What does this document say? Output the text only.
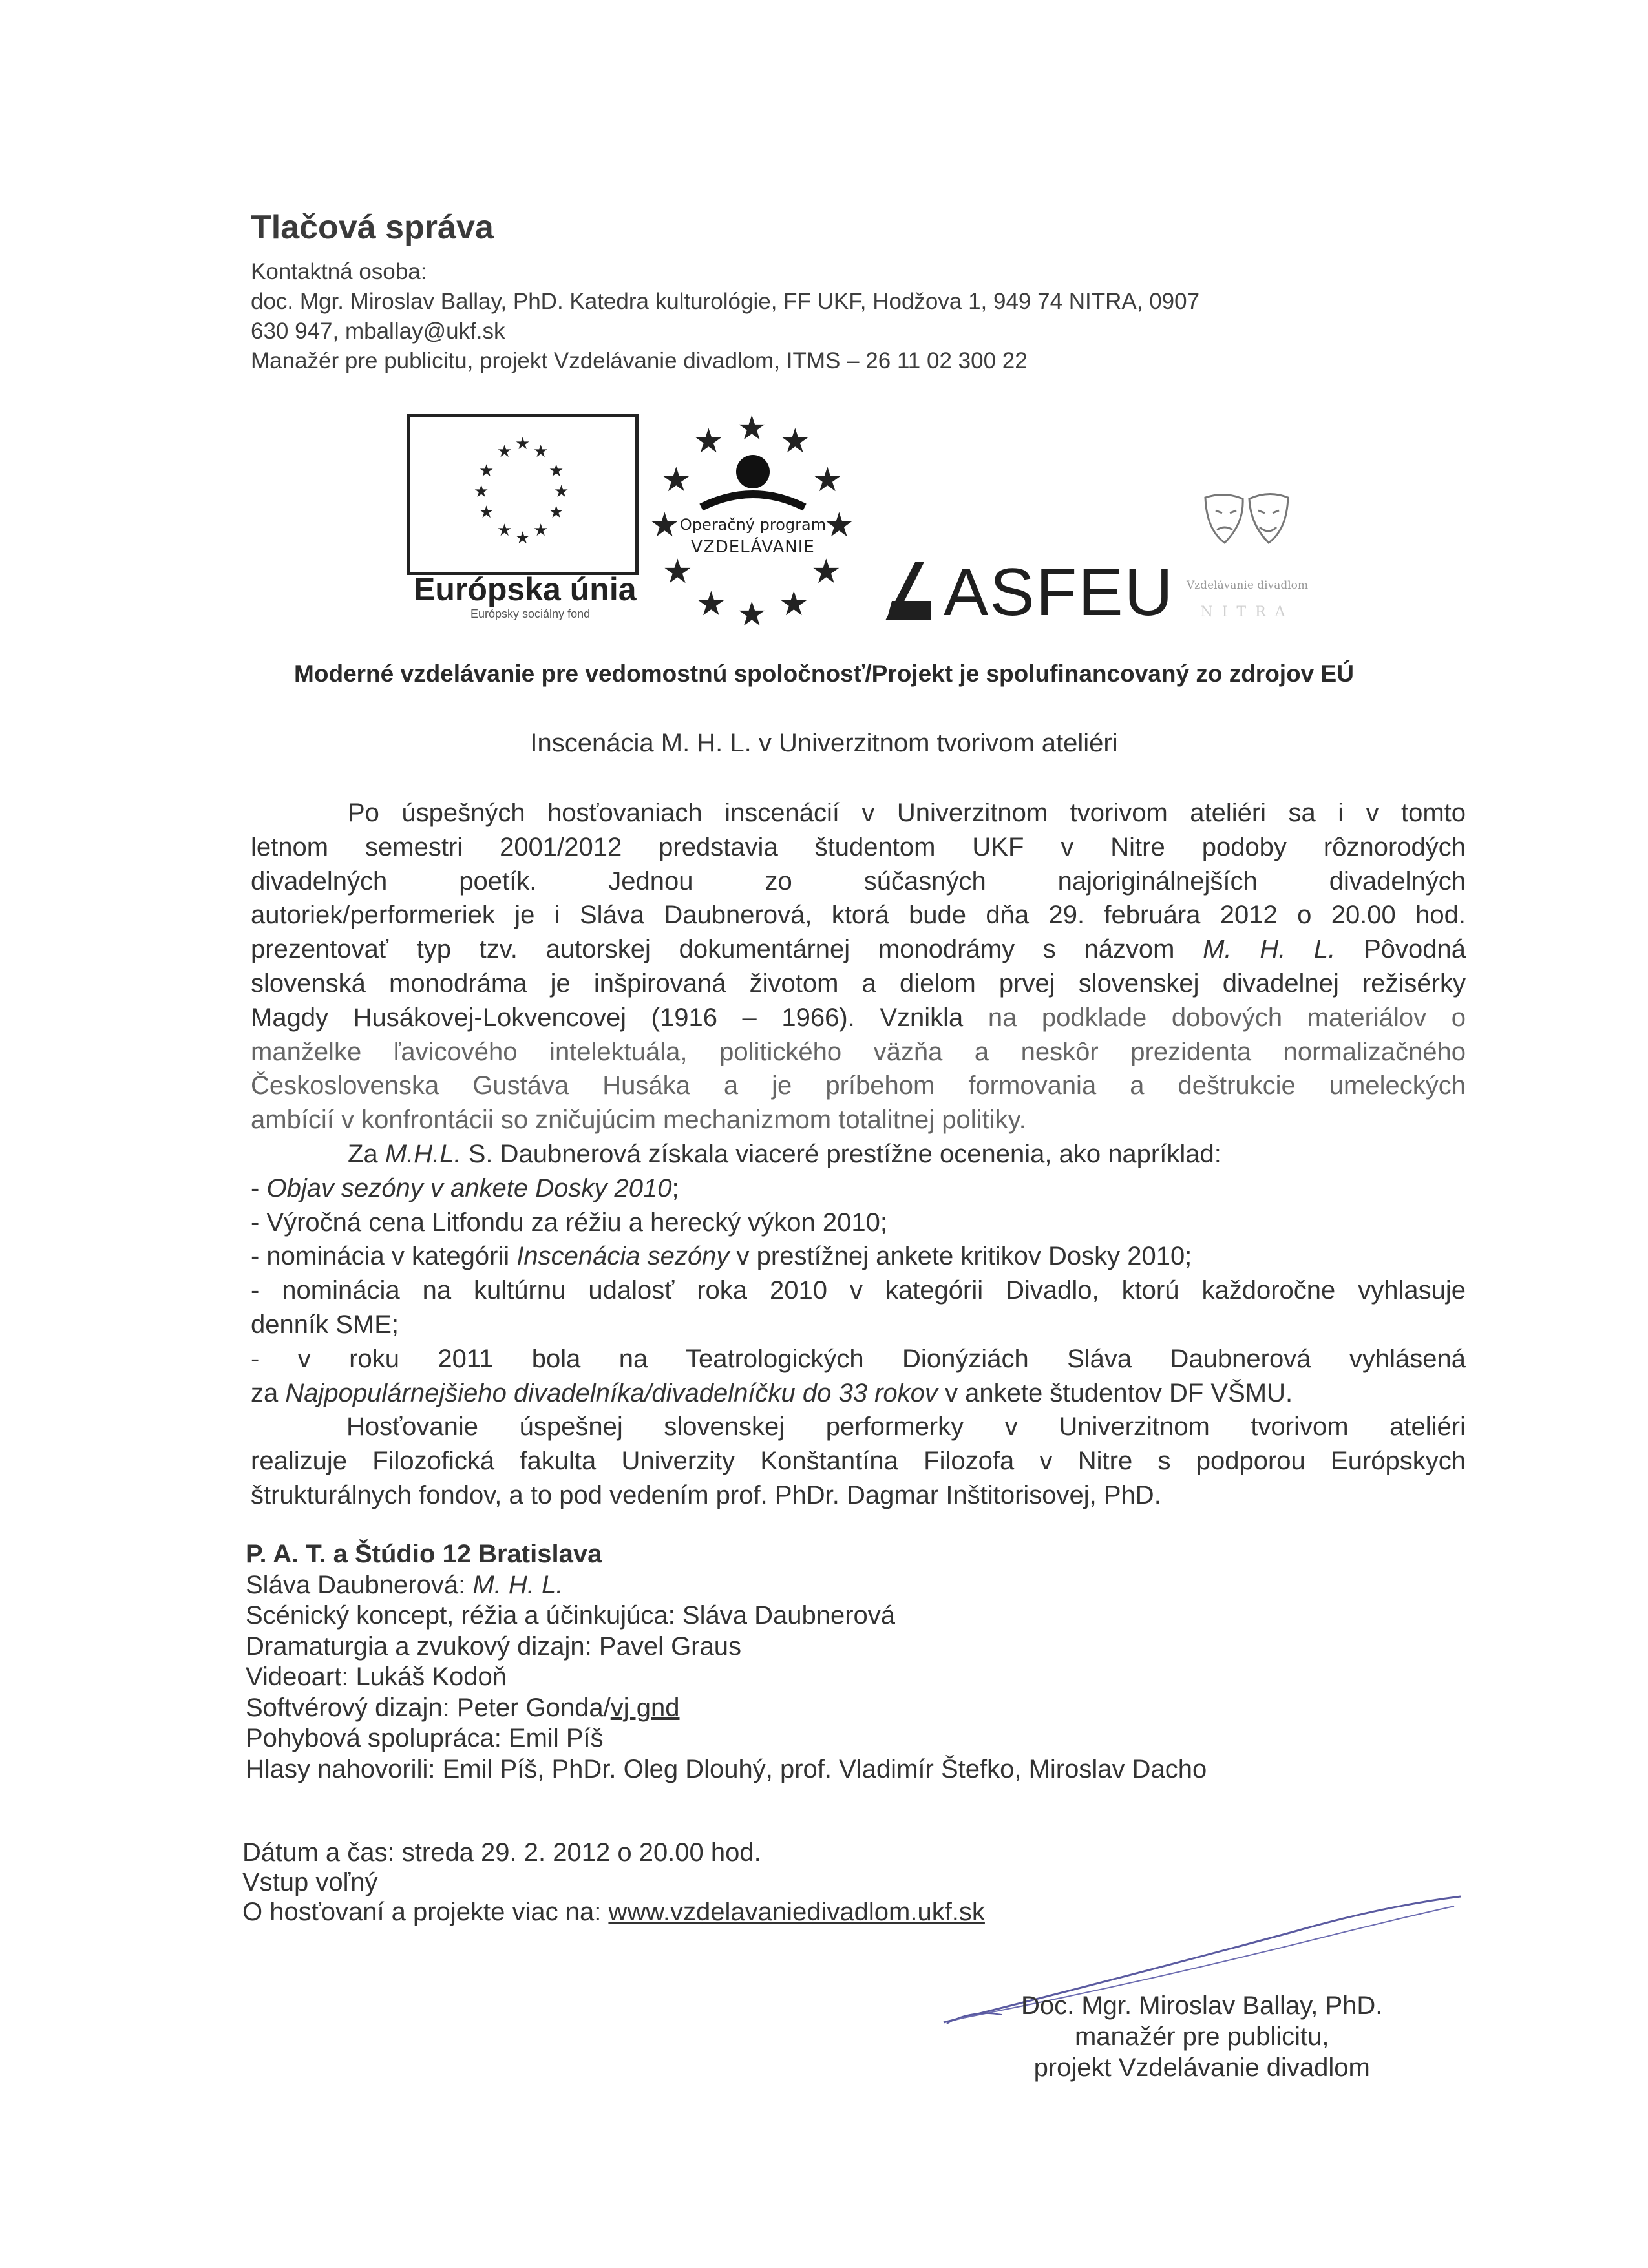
Tlačová správa
Kontaktná osoba:
doc. Mgr. Miroslav Ballay, PhD. Katedra kulturológie, FF UKF, Hodžova 1, 949 74 NITRA, 0907
630 947, mballay@ukf.sk
Manažér pre publicitu, projekt Vzdelávanie divadlom, ITMS – 26 11 02 300 22
★ ★ ★
★	★
★	★
★	★
★ ★ ★
Európska únia
Európsky sociálny fond
★ ★ ★
★	★
★	★
★	★
★ ★ ★
Operačný program
VZDELÁVANIE
ASFEU	Vzdelávanie divadlom
NITRA
Moderné vzdelávanie pre vedomostnú spoločnosť/Projekt je spolufinancovaný zo zdrojov EÚ
Inscenácia M. H. L. v Univerzitnom tvorivom ateliéri
Po úspešných hosťovaniach inscenácií v Univerzitnom tvorivom ateliéri sa i v tomto
letnom semestri 2001/2012 predstavia študentom UKF v Nitre podoby rôznorodých
divadelných poetík. Jednou zo súčasných najoriginálnejších divadelných
autoriek/performeriek je i Sláva Daubnerová, ktorá bude dňa 29. februára 2012 o 20.00 hod.
prezentovať typ tzv. autorskej dokumentárnej monodrámy s názvom M. H. L. Pôvodná
slovenská monodráma je inšpirovaná životom a dielom prvej slovenskej divadelnej režisérky
Magdy Husákovej-Lokvencovej (1916 – 1966). Vznikla na podklade dobových materiálov o
manželke ľavicového intelektuála, politického väzňa a neskôr prezidenta normalizačného
Československa Gustáva Husáka a je príbehom formovania a deštrukcie umeleckých
ambícií v konfrontácii so zničujúcim mechanizmom totalitnej politiky.
Za M.H.L. S. Daubnerová získala viaceré prestížne ocenenia, ako napríklad:
- Objav sezóny v ankete Dosky 2010;
- Výročná cena Litfondu za réžiu a herecký výkon 2010;
- nominácia v kategórii Inscenácia sezóny v prestížnej ankete kritikov Dosky 2010;
- nominácia na kultúrnu udalosť roka 2010 v kategórii Divadlo, ktorú každoročne vyhlasuje
denník SME;
- v roku 2011 bola na Teatrologických Dionýziách Sláva Daubnerová vyhlásená
za Najpopulárnejšieho divadelníka/divadelníčku do 33 rokov v ankete študentov DF VŠMU.
Hosťovanie úspešnej slovenskej performerky v Univerzitnom tvorivom ateliéri
realizuje Filozofická fakulta Univerzity Konštantína Filozofa v Nitre s podporou Európskych
štrukturálnych fondov, a to pod vedením prof. PhDr. Dagmar Inštitorisovej, PhD.
P. A. T. a Štúdio 12 Bratislava
Sláva Daubnerová: M. H. L.
Scénický koncept, réžia a účinkujúca: Sláva Daubnerová
Dramaturgia a zvukový dizajn: Pavel Graus
Videoart: Lukáš Kodoň
Softvérový dizajn: Peter Gonda/vj gnd
Pohybová spolupráca: Emil Píš
Hlasy nahovorili: Emil Píš, PhDr. Oleg Dlouhý, prof. Vladimír Štefko, Miroslav Dacho
Dátum a čas: streda 29. 2. 2012 o 20.00 hod.
Vstup voľný
O hosťovaní a projekte viac na: www.vzdelavaniedivadlom.ukf.sk
Doc. Mgr. Miroslav Ballay, PhD.
manažér pre publicitu,
projekt Vzdelávanie divadlom
